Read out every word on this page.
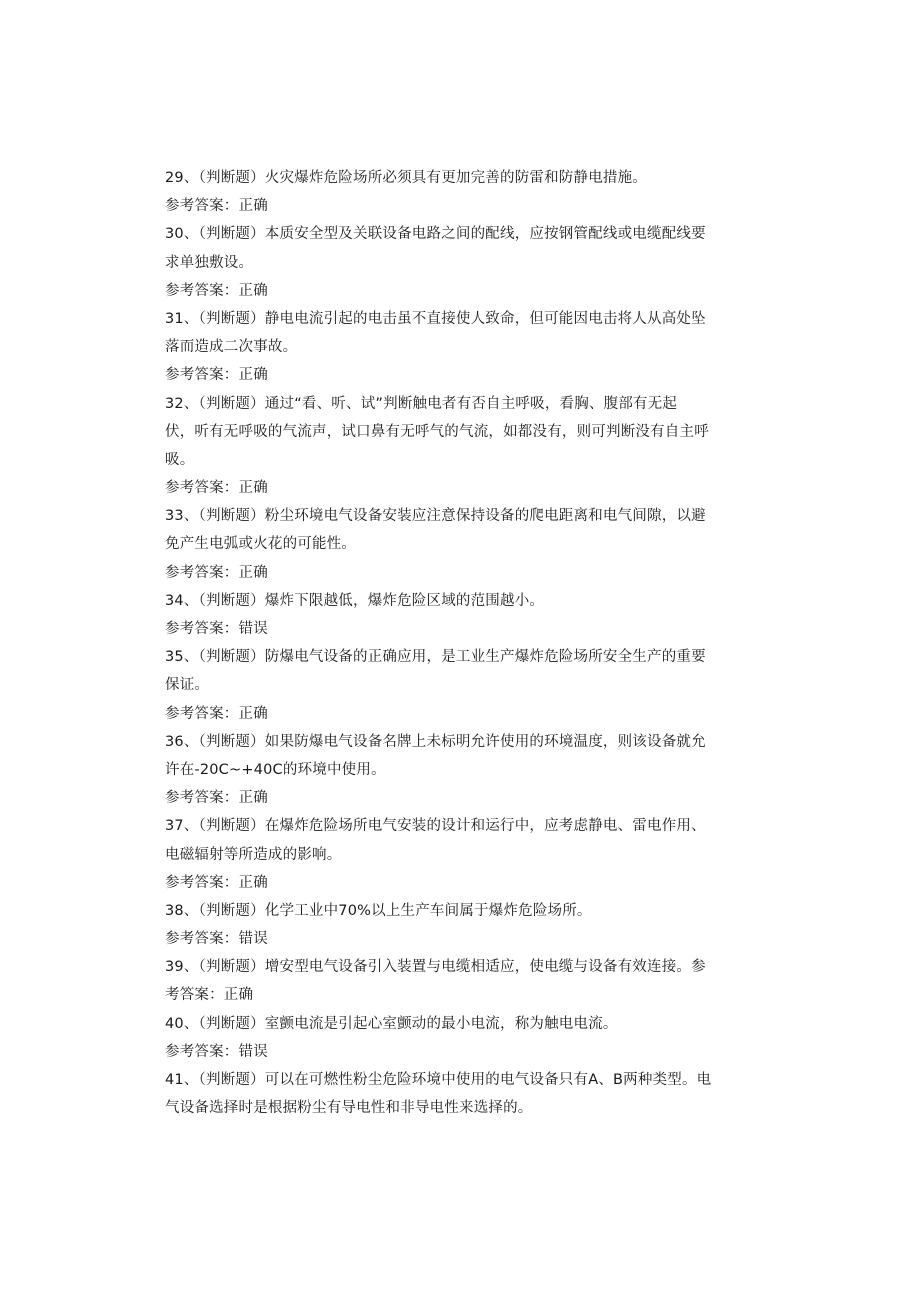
29、（判断题）火灾爆炸危险场所必须具有更加完善的防雷和防静电措施。
参考答案：正确
30、（判断题）本质安全型及关联设备电路之间的配线，应按钢管配线或电缆配线要
求单独敷设。
参考答案：正确
31、（判断题）静电电流引起的电击虽不直接使人致命，但可能因电击将人从高处坠
落而造成二次事故。
参考答案：正确
32、（判断题）通过“看、听、试”判断触电者有否自主呼吸，看胸、腹部有无起
伏，听有无呼吸的气流声，试口鼻有无呼气的气流，如都没有，则可判断没有自主呼
吸。
参考答案：正确
33、（判断题）粉尘环境电气设备安装应注意保持设备的爬电距离和电气间隙，以避
免产生电弧或火花的可能性。
参考答案：正确
34、（判断题）爆炸下限越低，爆炸危险区域的范围越小。
参考答案：错误
35、（判断题）防爆电气设备的正确应用，是工业生产爆炸危险场所安全生产的重要
保证。
参考答案：正确
36、（判断题）如果防爆电气设备名牌上未标明允许使用的环境温度，则该设备就允
许在-20C~+40C的环境中使用。
参考答案：正确
37、（判断题）在爆炸危险场所电气安装的设计和运行中，应考虑静电、雷电作用、
电磁辐射等所造成的影响。
参考答案：正确
38、（判断题）化学工业中70%以上生产车间属于爆炸危险场所。
参考答案：错误
39、（判断题）增安型电气设备引入装置与电缆相适应，使电缆与设备有效连接。参
考答案：正确
40、（判断题）室颤电流是引起心室颤动的最小电流，称为触电电流。
参考答案：错误
41、（判断题）可以在可燃性粉尘危险环境中使用的电气设备只有A、B两种类型。电
气设备选择时是根据粉尘有导电性和非导电性来选择的。
